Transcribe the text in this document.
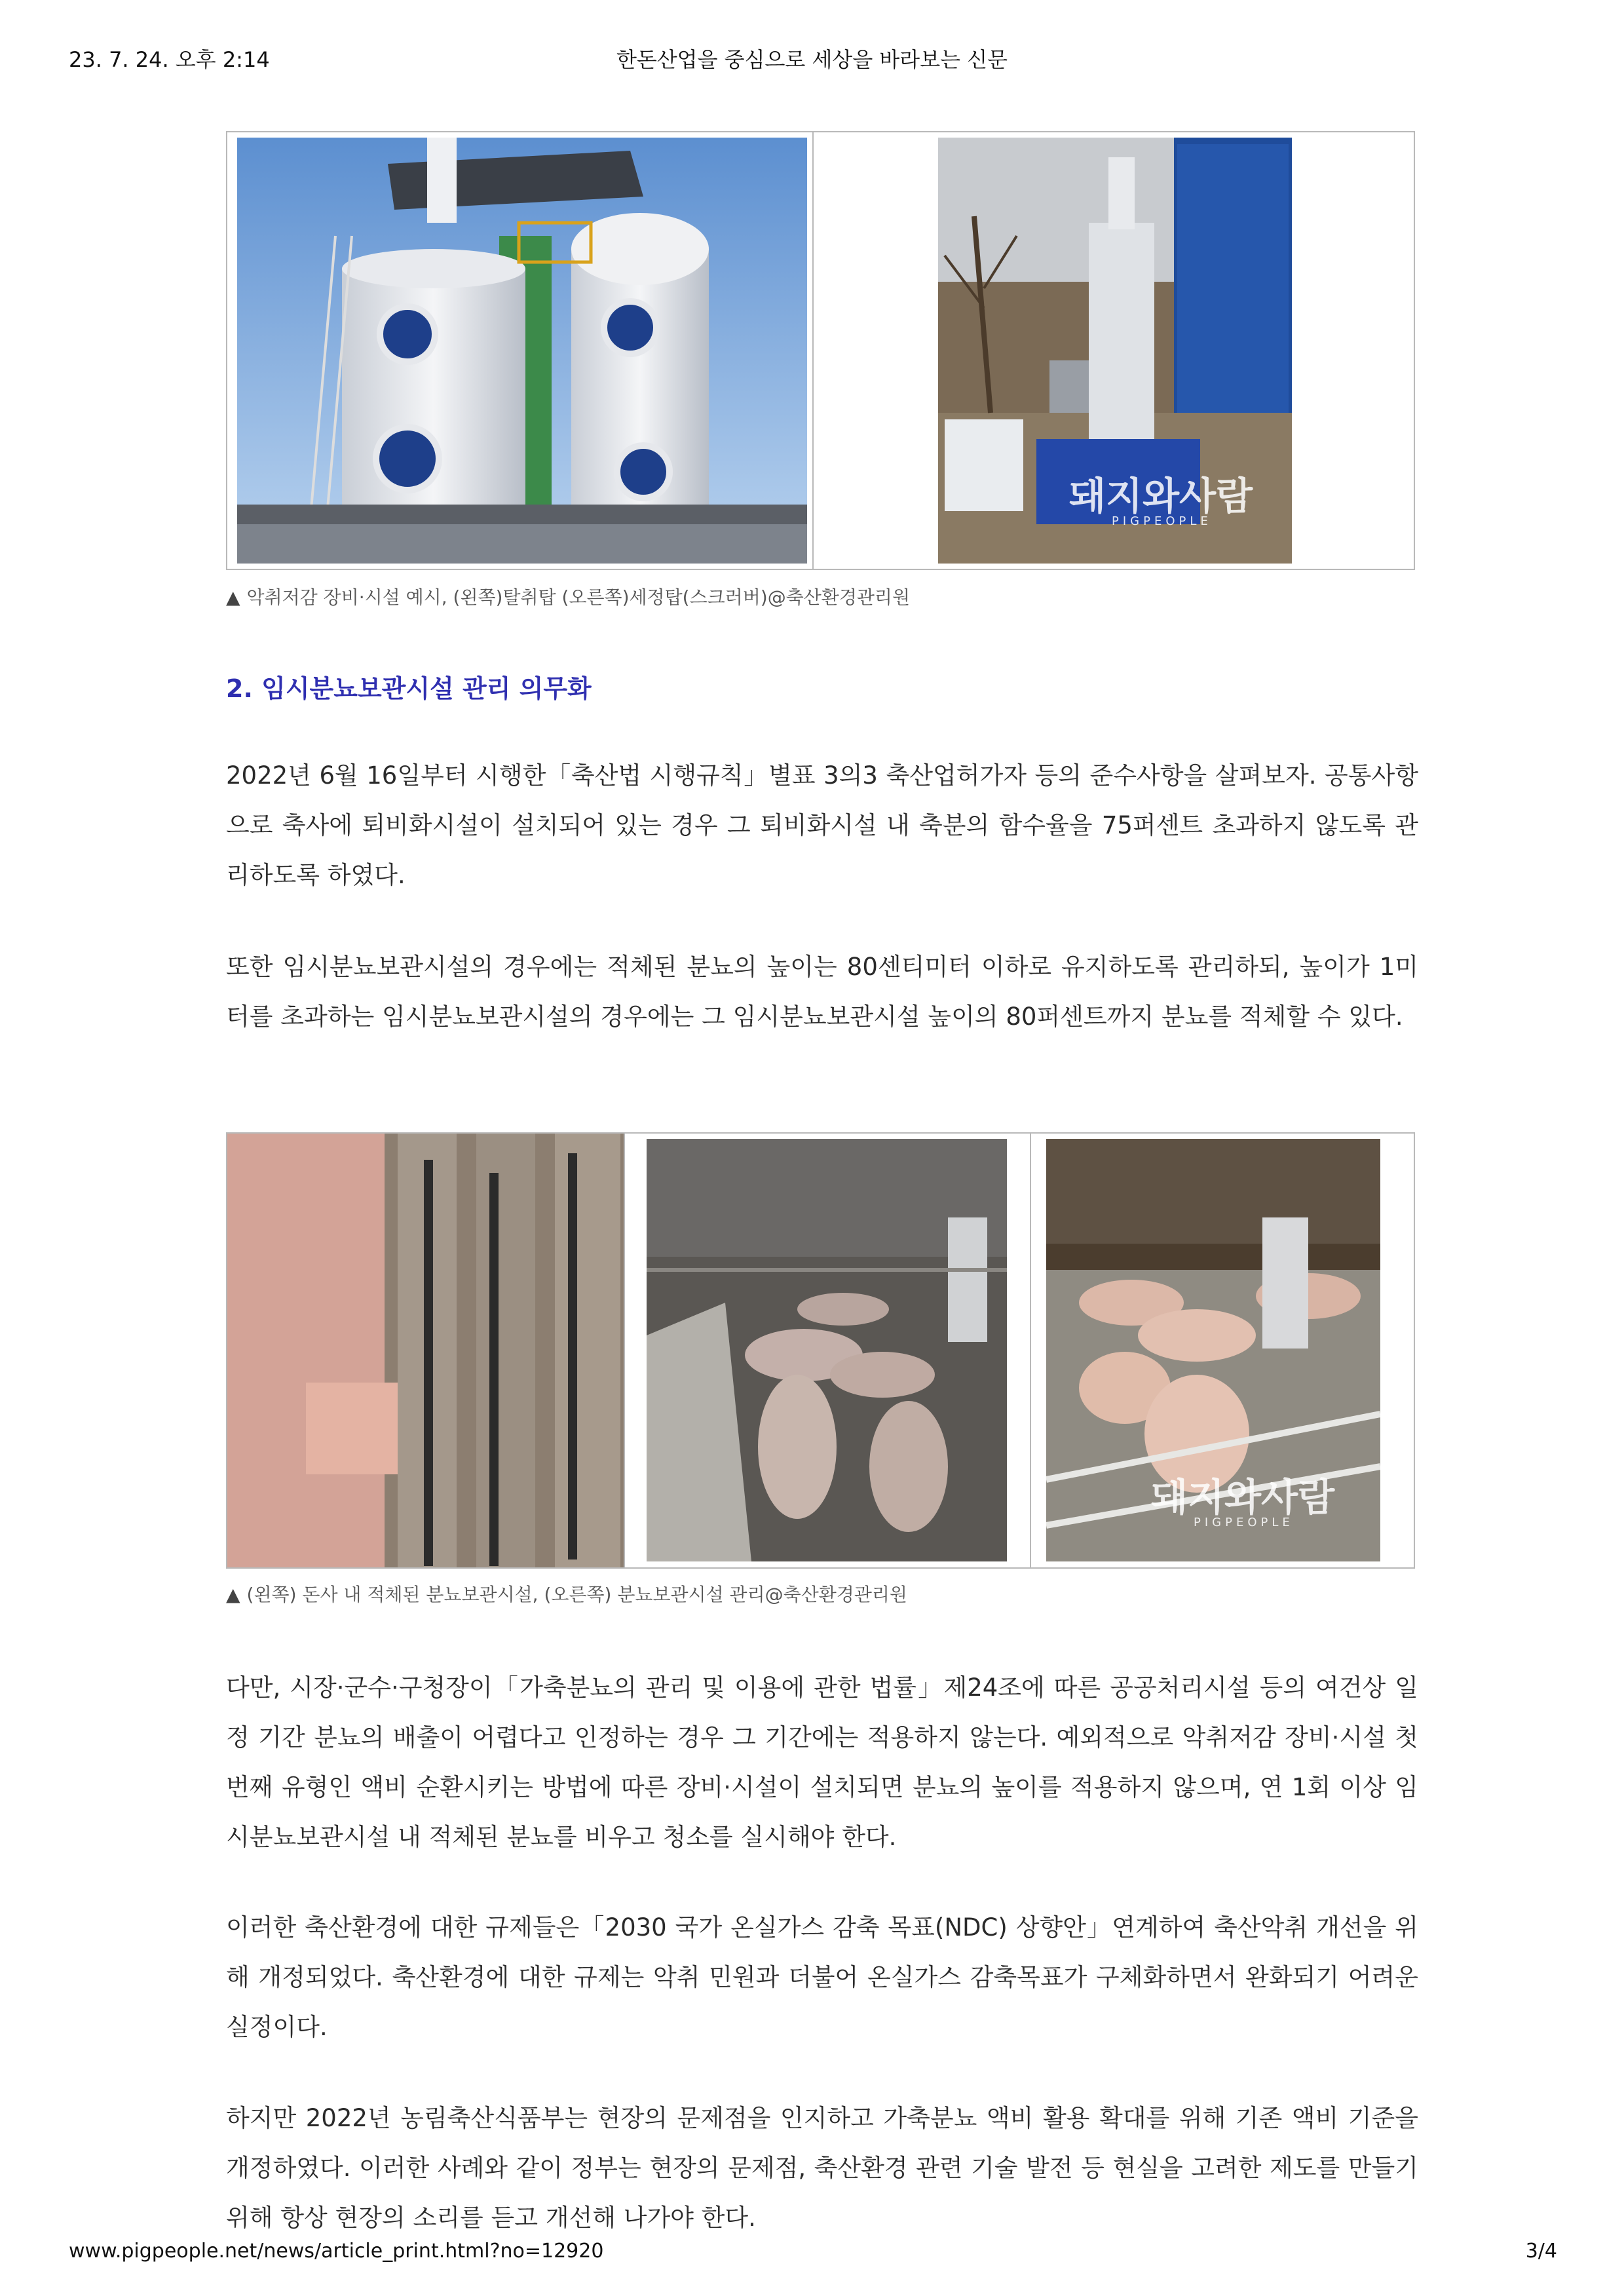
23. 7. 24. 오후 2:14	한돈산업을 중심으로 세상을 바라보는 신문
돼지와사람
PIGPEOPLE
▲ 악취저감 장비·시설 예시, (왼쪽)탈취탑 (오른쪽)세정탑(스크러버)@축산환경관리원
2. 임시분뇨보관시설 관리 의무화

2022년 6월 16일부터 시행한「축산법 시행규칙」별표 3의3 축산업허가자 등의 준수사항을 살펴보자. 공통사항으로 축사에 퇴비화시설이 설치되어 있는 경우 그 퇴비화시설 내 축분의 함수율을 75퍼센트 초과하지 않도록 관리하도록 하였다.

또한 임시분뇨보관시설의 경우에는 적체된 분뇨의 높이는 80센티미터 이하로 유지하도록 관리하되, 높이가 1미터를 초과하는 임시분뇨보관시설의 경우에는 그 임시분뇨보관시설 높이의 80퍼센트까지 분뇨를 적체할 수 있다.

돼지와사람
PIGPEOPLE
▲ (왼쪽) 돈사 내 적체된 분뇨보관시설, (오른쪽) 분뇨보관시설 관리@축산환경관리원

다만, 시장·군수·구청장이「가축분뇨의 관리 및 이용에 관한 법률」제24조에 따른 공공처리시설 등의 여건상 일정 기간 분뇨의 배출이 어렵다고 인정하는 경우 그 기간에는 적용하지 않는다. 예외적으로 악취저감 장비·시설 첫 번째 유형인 액비 순환시키는 방법에 따른 장비·시설이 설치되면 분뇨의 높이를 적용하지 않으며, 연 1회 이상 임시분뇨보관시설 내 적체된 분뇨를 비우고 청소를 실시해야 한다.

이러한 축산환경에 대한 규제들은「2030 국가 온실가스 감축 목표(NDC) 상향안」연계하여 축산악취 개선을 위해 개정되었다. 축산환경에 대한 규제는 악취 민원과 더불어 온실가스 감축목표가 구체화하면서 완화되기 어려운 실정이다.

하지만 2022년 농림축산식품부는 현장의 문제점을 인지하고 가축분뇨 액비 활용 확대를 위해 기존 액비 기준을 개정하였다. 이러한 사례와 같이 정부는 현장의 문제점, 축산환경 관련 기술 발전 등 현실을 고려한 제도를 만들기 위해 항상 현장의 소리를 듣고 개선해 나가야 한다.

www.pigpeople.net/news/article_print.html?no=12920	3/4
